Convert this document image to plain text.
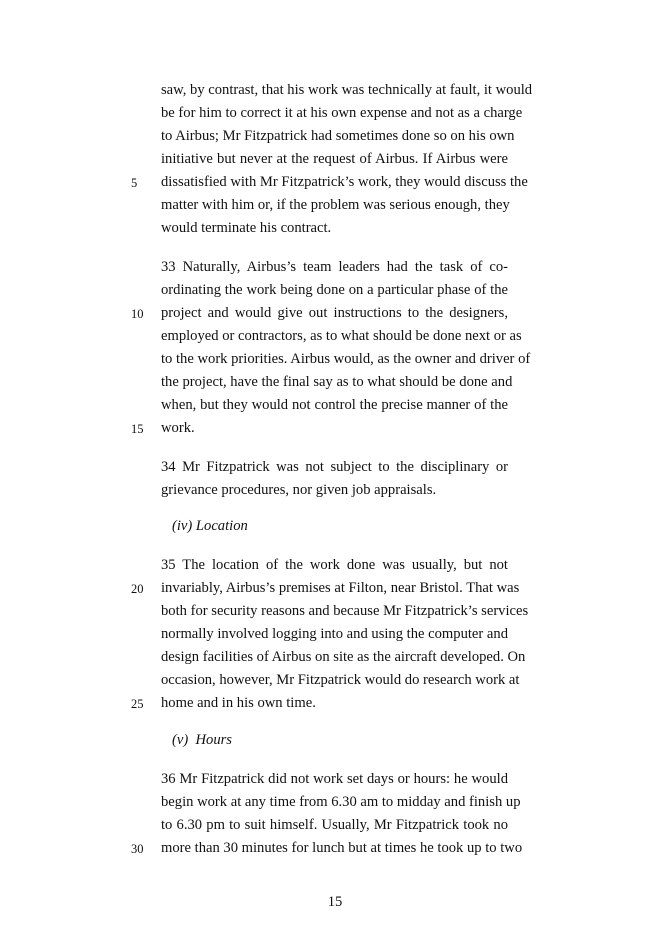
saw, by contrast, that his work was technically at fault, it would
be for him to correct it at his own expense and not as a charge
to Airbus; Mr Fitzpatrick had sometimes done so on his own
initiative but never at the request of Airbus. If Airbus were
dissatisfied with Mr Fitzpatrick’s work, they would discuss the
matter with him or, if the problem was serious enough, they
would terminate his contract.
33 Naturally, Airbus’s team leaders had the task of co-
ordinating the work being done on a particular phase of the
project and would give out instructions to the designers,
employed or contractors, as to what should be done next or as
to the work priorities. Airbus would, as the owner and driver of
the project, have the final say as to what should be done and
when, but they would not control the precise manner of the
work.
34 Mr Fitzpatrick was not subject to the disciplinary or
grievance procedures, nor given job appraisals.
(iv) Location
35 The location of the work done was usually, but not
invariably, Airbus’s premises at Filton, near Bristol. That was
both for security reasons and because Mr Fitzpatrick’s services
normally involved logging into and using the computer and
design facilities of Airbus on site as the aircraft developed. On
occasion, however, Mr Fitzpatrick would do research work at
home and in his own time.
(v)  Hours
36 Mr Fitzpatrick did not work set days or hours: he would
begin work at any time from 6.30 am to midday and finish up
to 6.30 pm to suit himself. Usually, Mr Fitzpatrick took no
more than 30 minutes for lunch but at times he took up to two
5
10
15
20
25
30
15
